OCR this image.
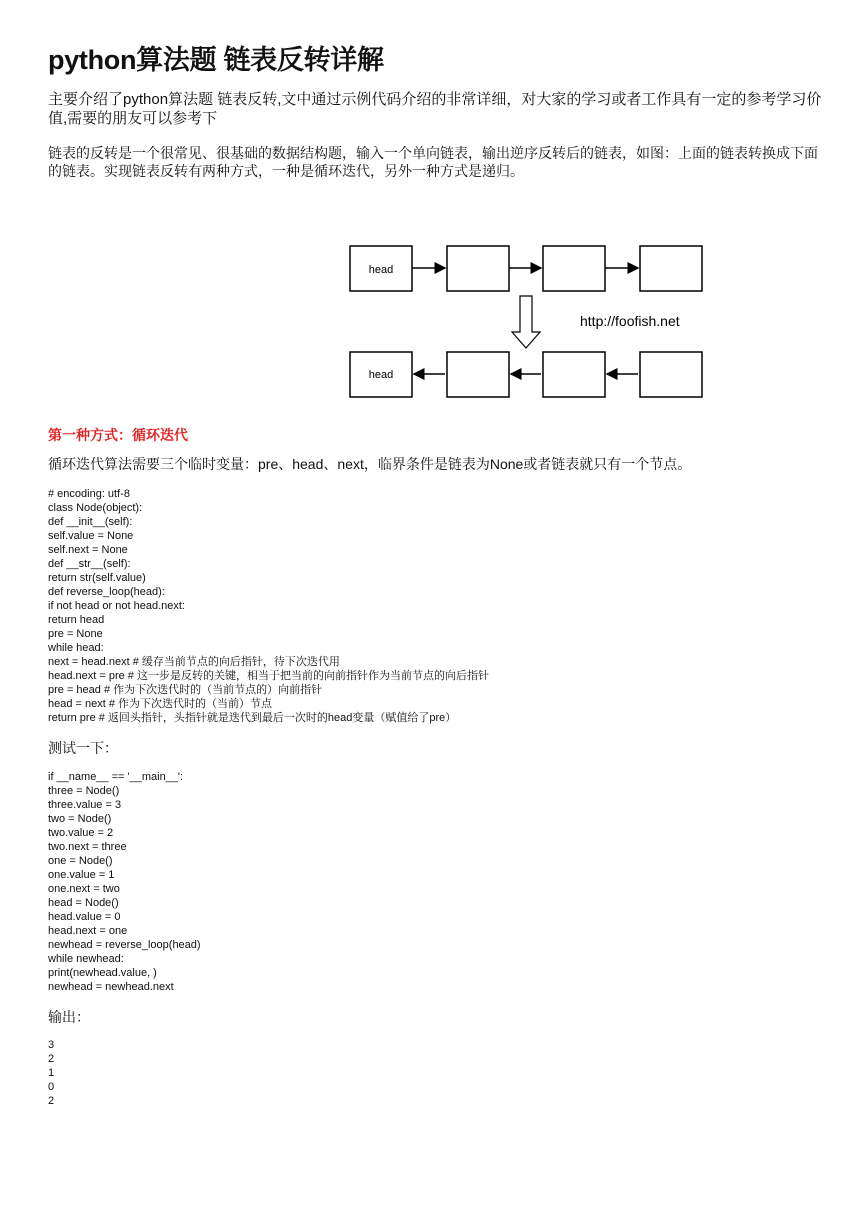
python算法题 链表反转详解

主要介绍了python算法题 链表反转,文中通过示例代码介绍的非常详细，对大家的学习或者工作具有一定的参考学习价值,需要的朋友可以参考下

链表的反转是一个很常见、很基础的数据结构题，输入一个单向链表，输出逆序反转后的链表，如图：上面的链表转换成下面的链表。实现链表反转有两种方式，一种是循环迭代，另外一种方式是递归。

head
http://foofish.net
head

第一种方式：循环迭代

循环迭代算法需要三个临时变量：pre、head、next，临界条件是链表为None或者链表就只有一个节点。

# encoding: utf-8
class Node(object):
def __init__(self):
self.value = None
self.next = None
def __str__(self):
return str(self.value)
def reverse_loop(head):
if not head or not head.next:
return head
pre = None
while head:
next = head.next # 缓存当前节点的向后指针，待下次迭代用
head.next = pre # 这一步是反转的关键，相当于把当前的向前指针作为当前节点的向后指针
pre = head # 作为下次迭代时的（当前节点的）向前指针
head = next # 作为下次迭代时的（当前）节点
return pre # 返回头指针，头指针就是迭代到最后一次时的head变量（赋值给了pre）

测试一下：

if __name__ == '__main__':
three = Node()
three.value = 3
two = Node()
two.value = 2
two.next = three
one = Node()
one.value = 1
one.next = two
head = Node()
head.value = 0
head.next = one
newhead = reverse_loop(head)
while newhead:
print(newhead.value, )
newhead = newhead.next

输出：

3
2
1
0
2
